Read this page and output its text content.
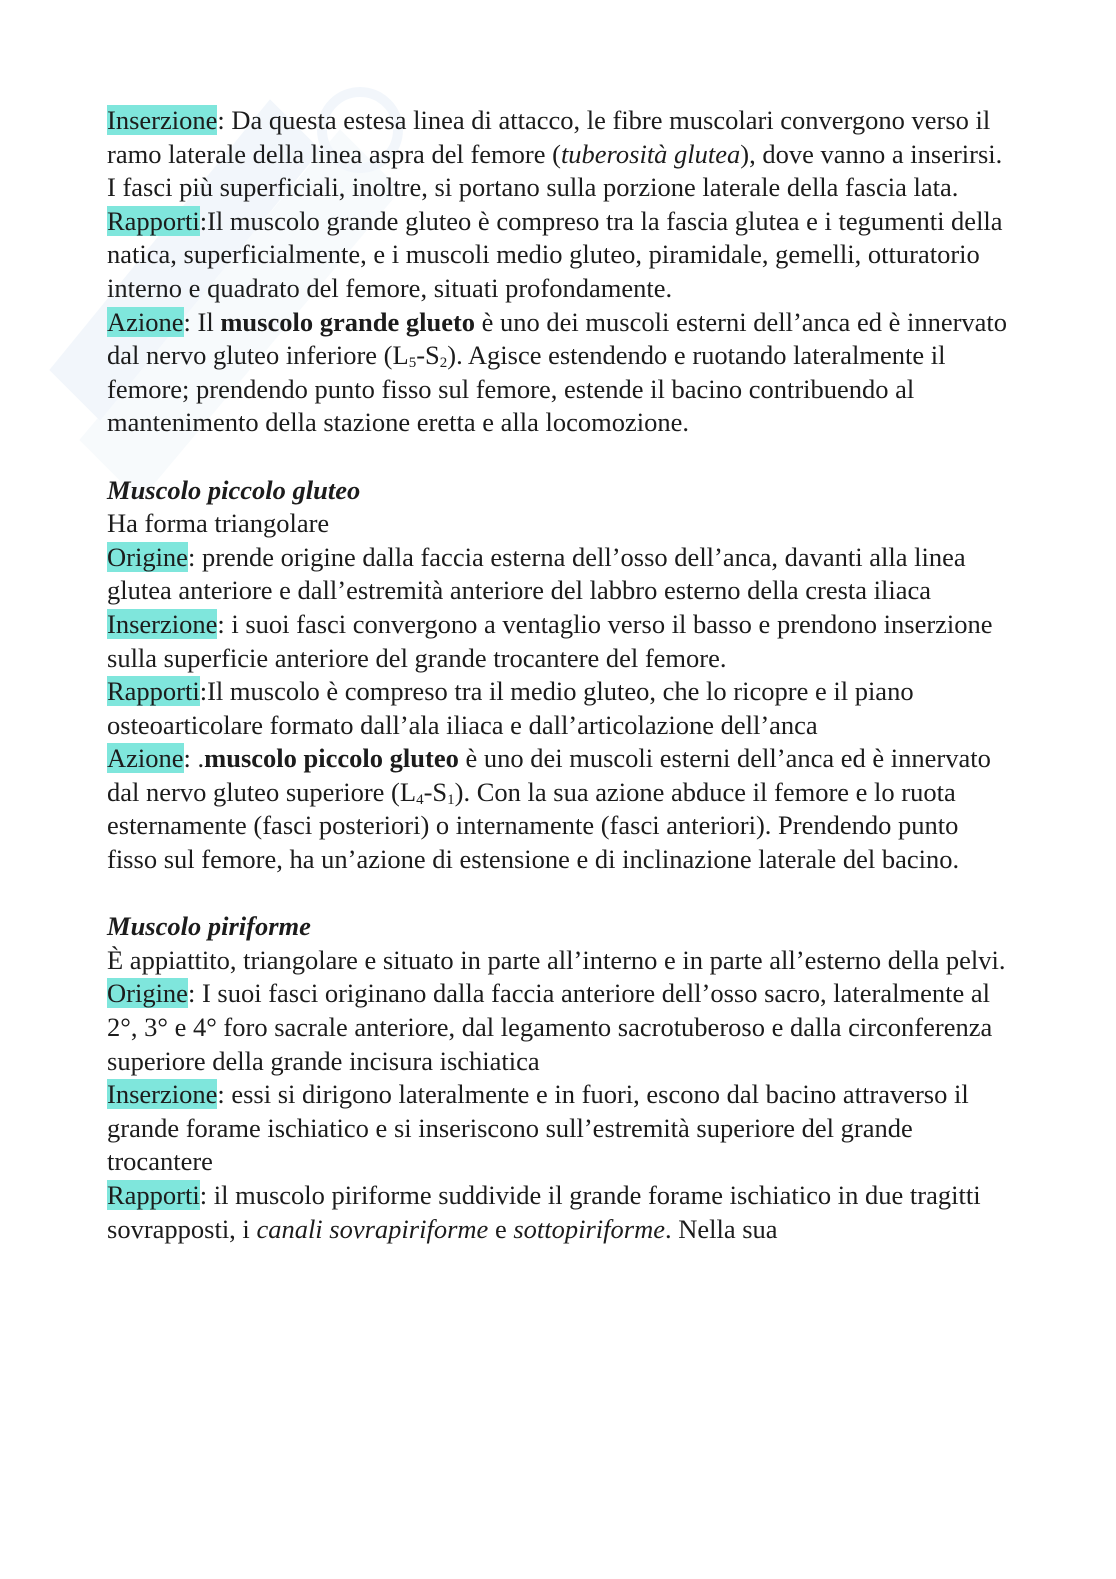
Inserzione: Da questa estesa linea di attacco, le fibre muscolari convergono verso il ramo laterale della linea aspra del femore (tuberosità glutea), dove vanno a inserirsi. I fasci più superficiali, inoltre, si portano sulla porzione laterale della fascia lata.

Rapporti:Il muscolo grande gluteo è compreso tra la fascia glutea e i tegumenti della natica, superficialmente, e i muscoli medio gluteo, piramidale, gemelli, otturatorio interno e quadrato del femore, situati profondamente.

Azione: Il muscolo grande glueto è uno dei muscoli esterni dell’anca ed è innervato dal nervo gluteo inferiore $(L_5-S_2)$. Agisce estendendo e ruotando lateralmente il femore; prendendo punto fisso sul femore, estende il bacino contribuendo al mantenimento della stazione eretta e alla locomozione.

Muscolo piccolo gluteo

Ha forma triangolare

Origine: prende origine dalla faccia esterna dell’osso dell’anca, davanti alla linea glutea anteriore e dall’estremità anteriore del labbro esterno della cresta iliaca

Inserzione: i suoi fasci convergono a ventaglio verso il basso e prendono inserzione sulla superficie anteriore del grande trocantere del femore.

Rapporti:Il muscolo è compreso tra il medio gluteo, che lo ricopre e il piano osteoarticolare formato dall’ala iliaca e dall’articolazione dell’anca

Azione: .muscolo piccolo gluteo è uno dei muscoli esterni dell’anca ed è innervato dal nervo gluteo superiore $(L_4-S_1)$. Con la sua azione abduce il femore e lo ruota esternamente (fasci posteriori) o internamente (fasci anteriori). Prendendo punto fisso sul femore, ha un’azione di estensione e di inclinazione laterale del bacino.

Muscolo piriforme

È appiattito, triangolare e situato in parte all’interno e in parte all’esterno della pelvi.

Origine: I suoi fasci originano dalla faccia anteriore dell’osso sacro, lateralmente al 2°, 3° e 4° foro sacrale anteriore, dal legamento sacrotuberoso e dalla circonferenza superiore della grande incisura ischiatica

Inserzione: essi si dirigono lateralmente e in fuori, escono dal bacino attraverso il grande forame ischiatico e si inseriscono sull’estremità superiore del grande trocantere

Rapporti: il muscolo piriforme suddivide il grande forame ischiatico in due tragitti sovrapposti, i canali sovrapiriforme e sottopiriforme. Nella sua
